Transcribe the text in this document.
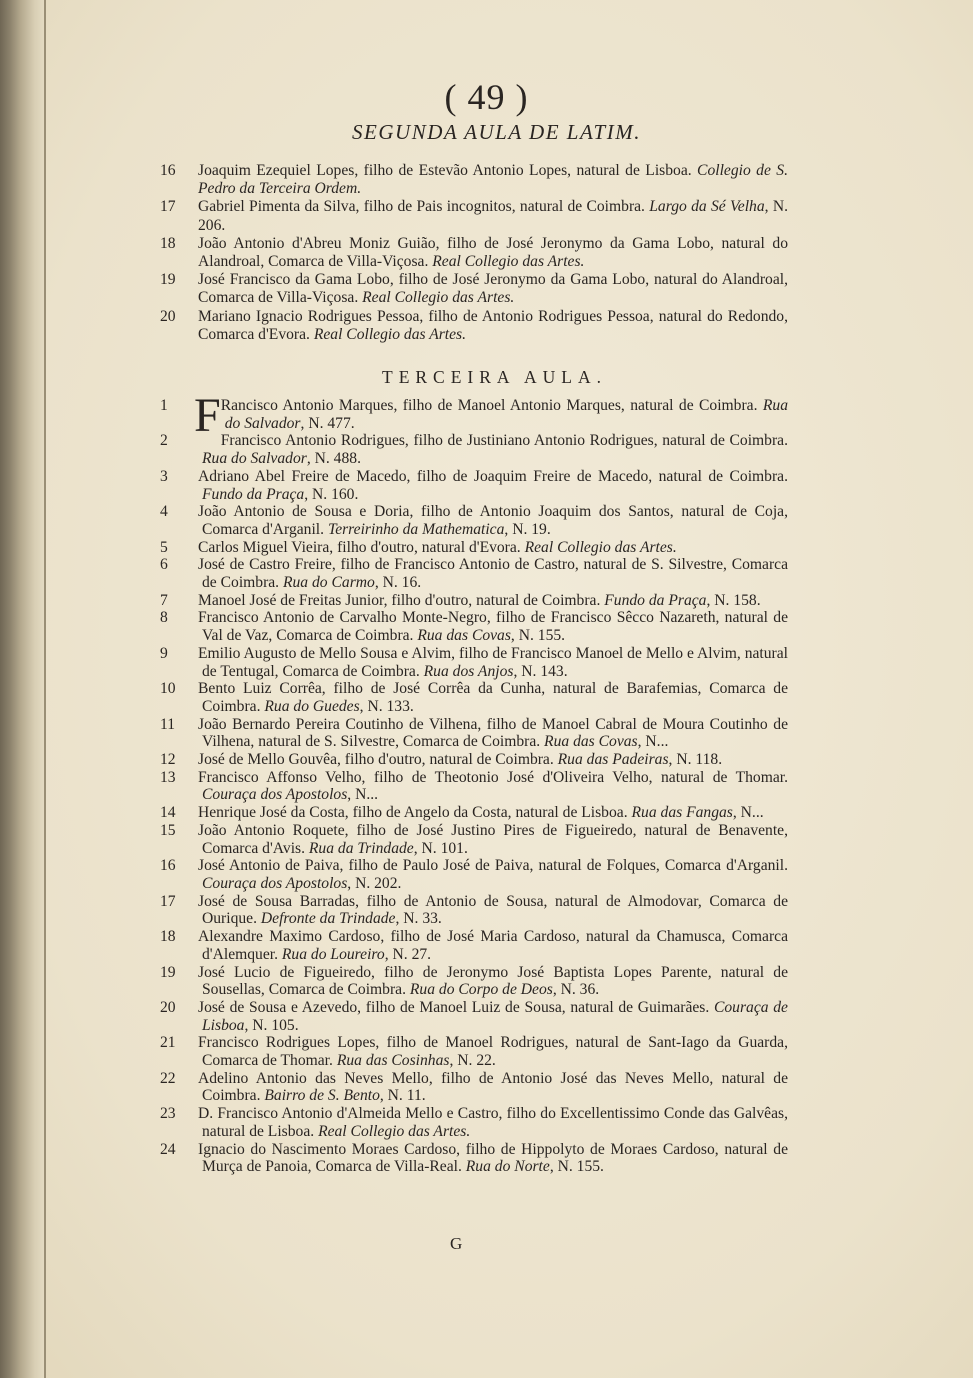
( 49 )
SEGUNDA AULA DE LATIM.
16	Joaquim Ezequiel Lopes, filho de Estevão Antonio Lopes, natural de Lisboa. Collegio de S. Pedro da Terceira Ordem.

17	Gabriel Pimenta da Silva, filho de Pais incognitos, natural de Coimbra. Largo da Sé Velha, N. 206.

18	João Antonio d'Abreu Moniz Guião, filho de José Jeronymo da Gama Lobo, natural do Alandroal, Comarca de Villa-Viçosa. Real Collegio das Artes.

19	José Francisco da Gama Lobo, filho de José Jeronymo da Gama Lobo, natural do Alandroal, Comarca de Villa-Viçosa. Real Collegio das Artes.

20	Mariano Ignacio Rodrigues Pessoa, filho de Antonio Rodrigues Pessoa, natural do Redondo, Comarca d'Evora. Real Collegio das Artes.

TERCEIRA AULA.
1 F Rancisco Antonio Marques, filho de Manoel Antonio Marques, natural de Coimbra. Rua do Salvador, N. 477.

2	Francisco Antonio Rodrigues, filho de Justiniano Antonio Rodrigues, natural de Coimbra. Rua do Salvador, N. 488.

3	Adriano Abel Freire de Macedo, filho de Joaquim Freire de Macedo, natural de Coimbra. Fundo da Praça, N. 160.

4	João Antonio de Sousa e Doria, filho de Antonio Joaquim dos Santos, natural de Coja, Comarca d'Arganil. Terreirinho da Mathematica, N. 19.

5	Carlos Miguel Vieira, filho d'outro, natural d'Evora. Real Collegio das Artes.

6	José de Castro Freire, filho de Francisco Antonio de Castro, natural de S. Silvestre, Comarca de Coimbra. Rua do Carmo, N. 16.

7	Manoel José de Freitas Junior, filho d'outro, natural de Coimbra. Fundo da Praça, N. 158.

8	Francisco Antonio de Carvalho Monte-Negro, filho de Francisco Sêcco Nazareth, natural de Val de Vaz, Comarca de Coimbra. Rua das Covas, N. 155.

9	Emilio Augusto de Mello Sousa e Alvim, filho de Francisco Manoel de Mello e Alvim, natural de Tentugal, Comarca de Coimbra. Rua dos Anjos, N. 143.

10	Bento Luiz Corrêa, filho de José Corrêa da Cunha, natural de Barafemias, Comarca de Coimbra. Rua do Guedes, N. 133.

11	João Bernardo Pereira Coutinho de Vilhena, filho de Manoel Cabral de Moura Coutinho de Vilhena, natural de S. Silvestre, Comarca de Coimbra. Rua das Covas, N...

12	José de Mello Gouvêa, filho d'outro, natural de Coimbra. Rua das Padeiras, N. 118.

13	Francisco Affonso Velho, filho de Theotonio José d'Oliveira Velho, natural de Thomar. Couraça dos Apostolos, N...

14	Henrique José da Costa, filho de Angelo da Costa, natural de Lisboa. Rua das Fangas, N...

15	João Antonio Roquete, filho de José Justino Pires de Figueiredo, natural de Benavente, Comarca d'Avis. Rua da Trindade, N. 101.

16	José Antonio de Paiva, filho de Paulo José de Paiva, natural de Folques, Comarca d'Arganil. Couraça dos Apostolos, N. 202.

17	José de Sousa Barradas, filho de Antonio de Sousa, natural de Almodovar, Comarca de Ourique. Defronte da Trindade, N. 33.

18	Alexandre Maximo Cardoso, filho de José Maria Cardoso, natural da Chamusca, Comarca d'Alemquer. Rua do Loureiro, N. 27.

19	José Lucio de Figueiredo, filho de Jeronymo José Baptista Lopes Parente, natural de Sousellas, Comarca de Coimbra. Rua do Corpo de Deos, N. 36.

20	José de Sousa e Azevedo, filho de Manoel Luiz de Sousa, natural de Guimarães. Couraça de Lisboa, N. 105.

21	Francisco Rodrigues Lopes, filho de Manoel Rodrigues, natural de Sant-Iago da Guarda, Comarca de Thomar. Rua das Cosinhas, N. 22.

22	Adelino Antonio das Neves Mello, filho de Antonio José das Neves Mello, natural de Coimbra. Bairro de S. Bento, N. 11.

23	D. Francisco Antonio d'Almeida Mello e Castro, filho do Excellentissimo Conde das Galvêas, natural de Lisboa. Real Collegio das Artes.

24	Ignacio do Nascimento Moraes Cardoso, filho de Hippolyto de Moraes Cardoso, natural de Murça de Panoia, Comarca de Villa-Real. Rua do Norte, N. 155.

G
